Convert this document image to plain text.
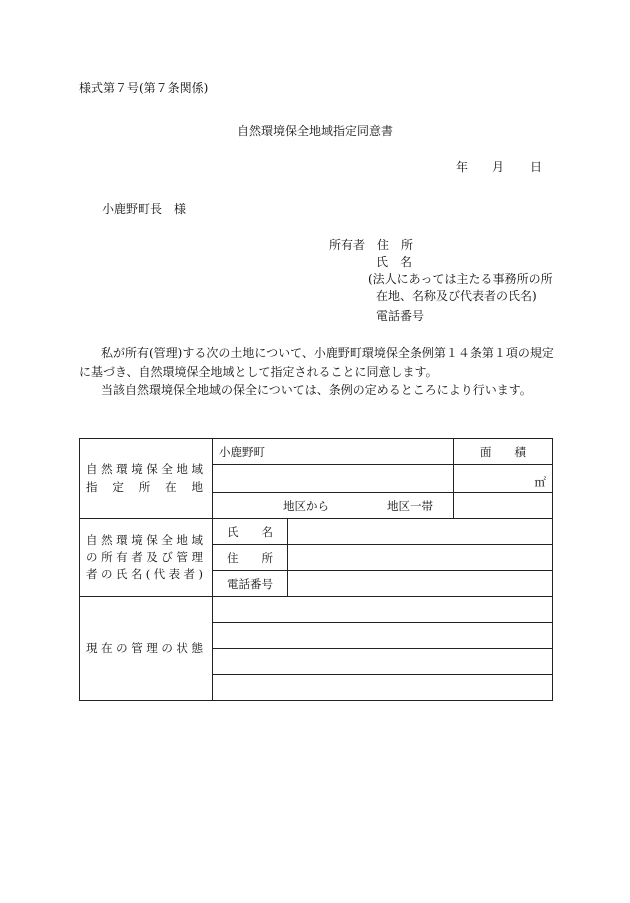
様式第７号(第７条関係)
自然環境保全地域指定同意書
年 月 日
小鹿野町長　様
所有者 住　所
氏　名
(法人にあっては主たる事務所の所
在地、名称及び代表者の氏名)
電話番号

私が所有(管理)する次の土地について、小鹿野町環境保全条例第１４条第１項の規定に基づき、自然環境保全地域として指定されることに同意します。

当該自然環境保全地域の保全については、条例の定めるところにより行います。

自然環境保全地域
指定所在地	小鹿野町		面　　積
			㎡
	地区から 地区一帯		

自然環境保全地域
の所有者及び管理
者の氏名(代表者)	氏　　名		
	住　　所		
	電話番号		

現在の管理の状態			
